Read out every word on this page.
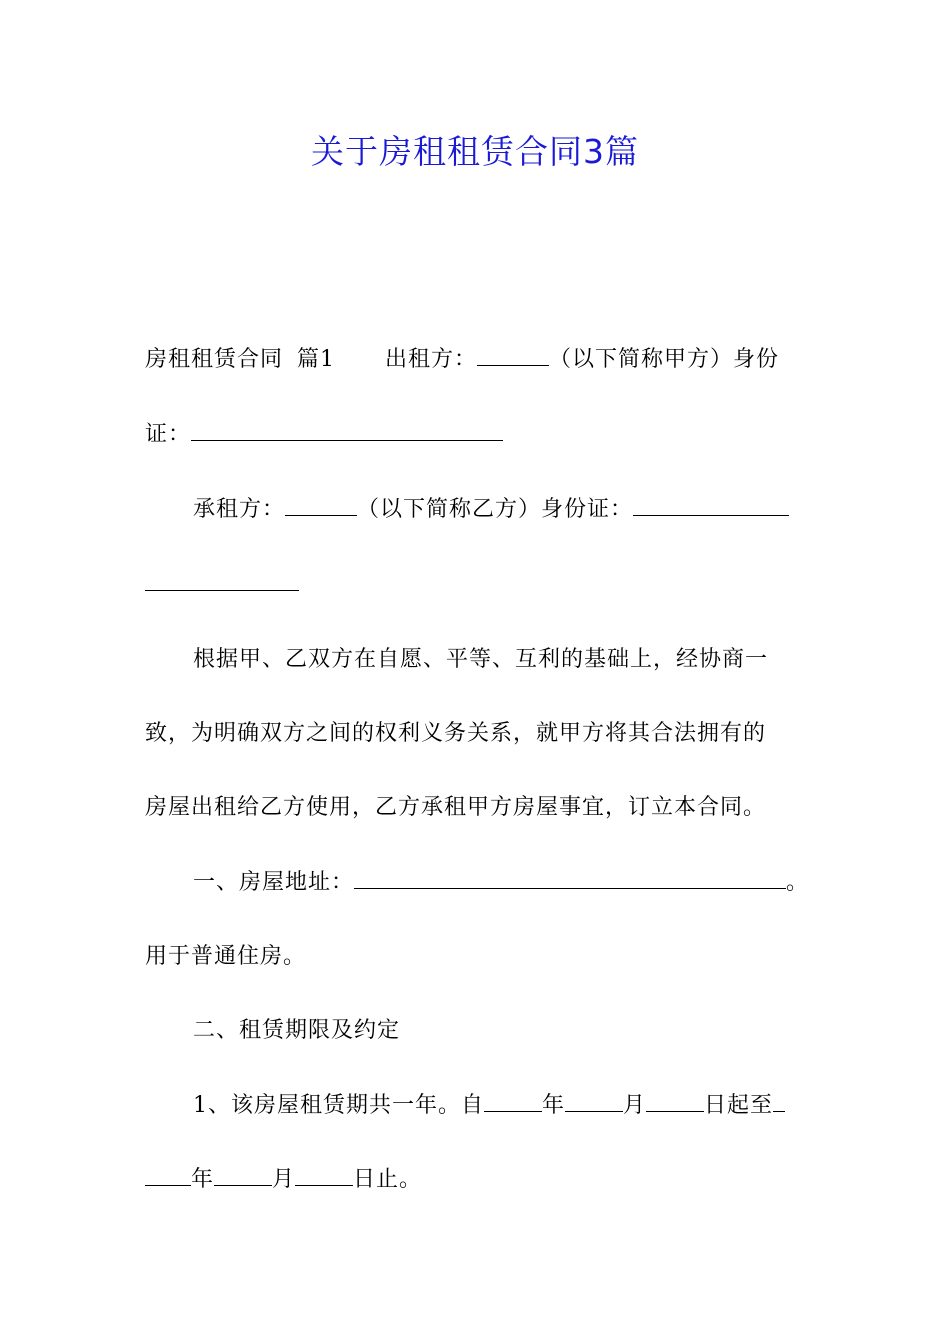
关于房租租赁合同3篇
房租租赁合同 篇1 出租方：	（以下简称甲方）身份
证：
承租方：	（以下简称乙方）身份证：
根据甲、乙双方在自愿、平等、互利的基础上，经协商一
致，为明确双方之间的权利义务关系，就甲方将其合法拥有的
房屋出租给乙方使用，乙方承租甲方房屋事宜，订立本合同。
一、房屋地址：	。
用于普通住房。
二、租赁期限及约定
1、该房屋租赁期共一年。自	年	月	日起至
年	月	日止。
